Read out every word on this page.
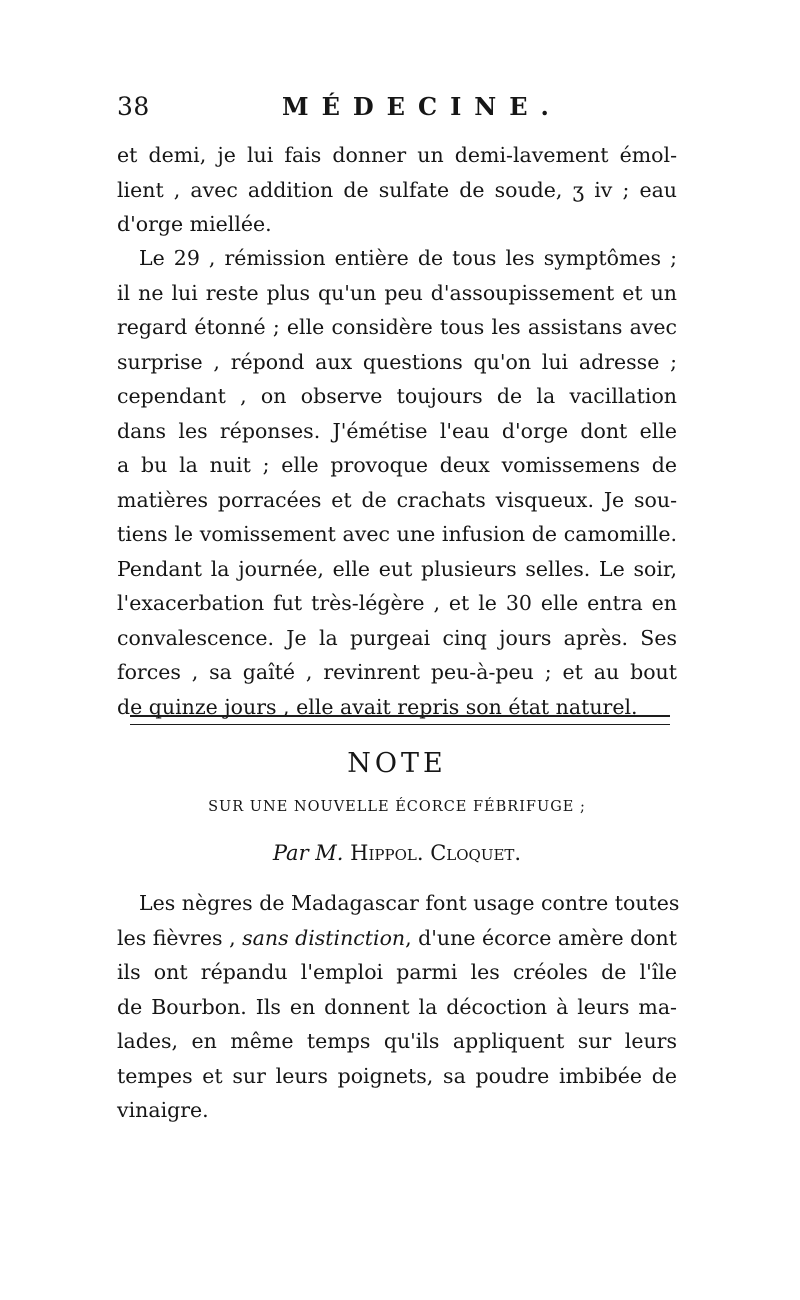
38	MÉDECINE.
et demi, je lui fais donner un demi-lavement émol-
lient , avec addition de sulfate de soude, ʒ iv ; eau
d'orge miellée.
Le 29 , rémission entière de tous les symptômes ;
il ne lui reste plus qu'un peu d'assoupissement et un
regard étonné ; elle considère tous les assistans avec
surprise , répond aux questions qu'on lui adresse ;
cependant , on observe toujours de la vacillation
dans les réponses. J'émétise l'eau d'orge dont elle
a bu la nuit ; elle provoque deux vomissemens de
matières porracées et de crachats visqueux. Je sou-
tiens le vomissement avec une infusion de camomille.
Pendant la journée, elle eut plusieurs selles. Le soir,
l'exacerbation fut très-légère , et le 30 elle entra en
convalescence. Je la purgeai cinq jours après. Ses
forces , sa gaîté , revinrent peu-à-peu ; et au bout
de quinze jours , elle avait repris son état naturel.
NOTE
SUR UNE NOUVELLE ÉCORCE FÉBRIFUGE ;
Par M. Hippol. Cloquet.
Les nègres de Madagascar font usage contre toutes
les fièvres , sans distinction, d'une écorce amère dont
ils ont répandu l'emploi parmi les créoles de l'île
de Bourbon. Ils en donnent la décoction à leurs ma-
lades, en même temps qu'ils appliquent sur leurs
tempes et sur leurs poignets, sa poudre imbibée de
vinaigre.
